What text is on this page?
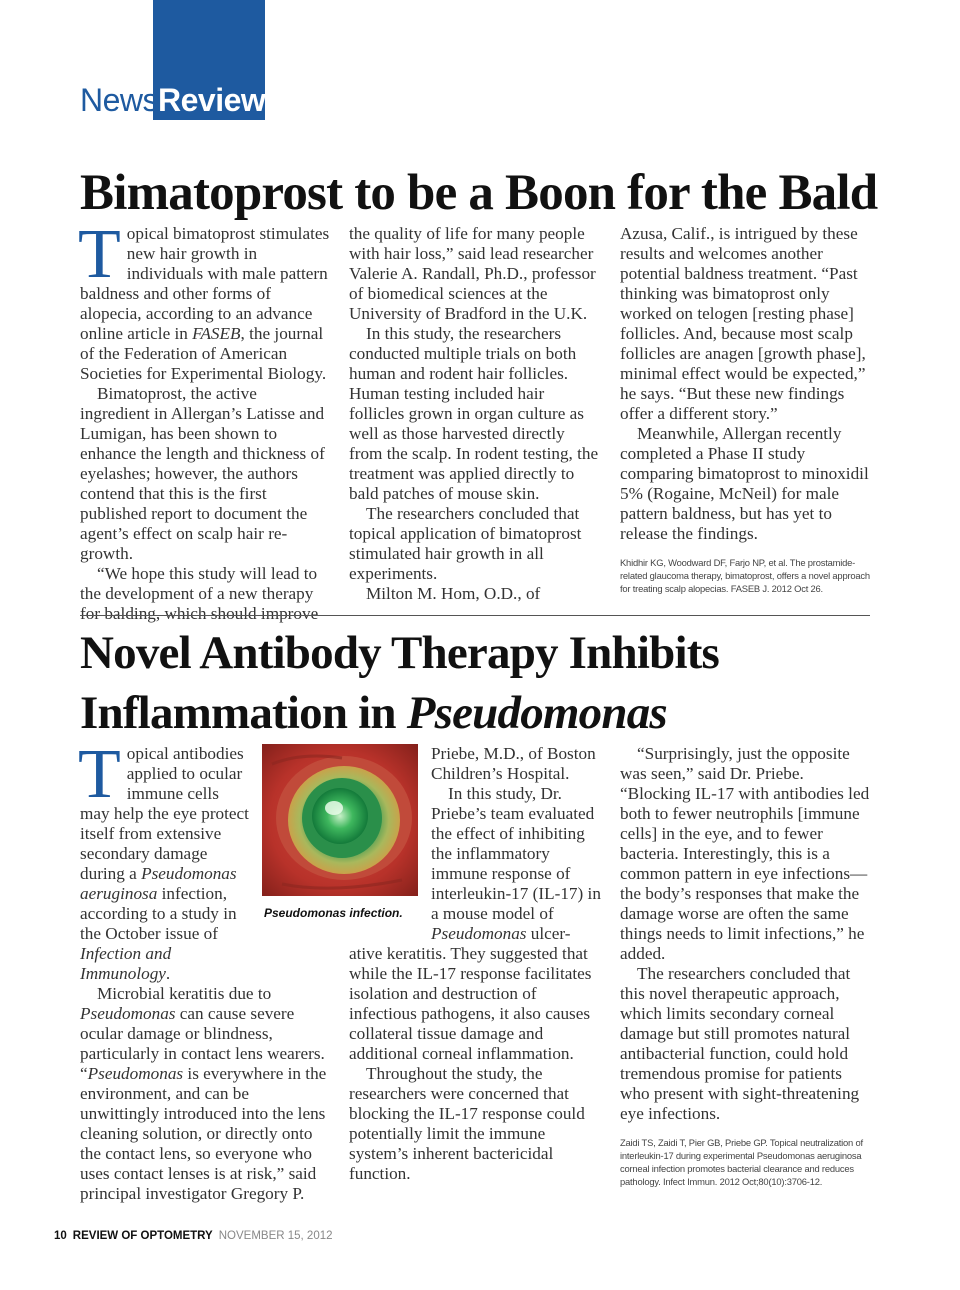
NewsReview
Bimatoprost to be a Boon for the Bald

Topical bimatoprost stimulates new hair growth in individuals with male pattern baldness and other forms of alopecia, according to an advance online article in FASEB, the journal of the Federation of American Societies for Experimental Biology.

Bimatoprost, the active ingredient in Allergan’s Latisse and Lumigan, has been shown to enhance the length and thickness of eyelashes; however, the authors contend that this is the first published report to document the agent’s effect on scalp hair re-growth.

“We hope this study will lead to the development of a new therapy for balding, which should improve

the quality of life for many people with hair loss,” said lead researcher Valerie A. Randall, Ph.D., professor of biomedical sciences at the University of Bradford in the U.K.

In this study, the researchers conducted multiple trials on both human and rodent hair follicles. Human testing included hair follicles grown in organ culture as well as those harvested directly from the scalp. In rodent testing, the treatment was applied directly to bald patches of mouse skin.

The researchers concluded that topical application of bimatoprost stimulated hair growth in all experiments.

Milton M. Hom, O.D., of

Azusa, Calif., is intrigued by these results and welcomes another potential baldness treatment. “Past thinking was bimatoprost only worked on telogen [resting phase] follicles. And, because most scalp follicles are anagen [growth phase], minimal effect would be expected,” he says. “But these new findings offer a different story.”

Meanwhile, Allergan recently completed a Phase II study comparing bimatoprost to minoxidil 5% (Rogaine, McNeil) for male pattern baldness, but has yet to release the findings.

Khidhir KG, Woodward DF, Farjo NP, et al. The prostamide-related glaucoma therapy, bimatoprost, offers a novel approach for treating scalp alopecias. FASEB J. 2012 Oct 26.

Novel Antibody Therapy Inhibits
Inflammation in Pseudomonas

Topical antibodies applied to ocular immune cells may help the eye protect itself from extensive secondary damage during a Pseudomonas aeruginosa infection, according to a study in the October issue of Infection and Immunology.

Microbial keratitis due to Pseudomonas can cause severe ocular damage or blindness, particularly in contact lens wearers. “Pseudomonas is everywhere in the environment, and can be unwittingly introduced into the lens cleaning solution, or directly onto the contact lens, so everyone who uses contact lenses is at risk,” said principal investigator Gregory P.

Pseudomonas infection.

Priebe, M.D., of Boston Children’s Hospital.

In this study, Dr. Priebe’s team evaluated the effect of inhibiting the inflammatory immune response of interleukin-17 (IL-17) in a mouse model of Pseudomonas ulcer-

ative keratitis. They suggested that while the IL-17 response facilitates isolation and destruction of infectious pathogens, it also causes collateral tissue damage and additional corneal inflammation.

Throughout the study, the researchers were concerned that blocking the IL-17 response could potentially limit the immune system’s inherent bactericidal function.

“Surprisingly, just the opposite was seen,” said Dr. Priebe. “Blocking IL-17 with antibodies led both to fewer neutrophils [immune cells] in the eye, and to fewer bacteria. Interestingly, this is a common pattern in eye infections—the body’s responses that make the damage worse are often the same things needs to limit infections,” he added.

The researchers concluded that this novel therapeutic approach, which limits secondary corneal damage but still promotes natural antibacterial function, could hold tremendous promise for patients who present with sight-threatening eye infections.

Zaidi TS, Zaidi T, Pier GB, Priebe GP. Topical neutralization of interleukin-17 during experimental Pseudomonas aeruginosa corneal infection promotes bacterial clearance and reduces pathology. Infect Immun. 2012 Oct;80(10):3706-12.

10 REVIEW OF OPTOMETRY NOVEMBER 15, 2012
